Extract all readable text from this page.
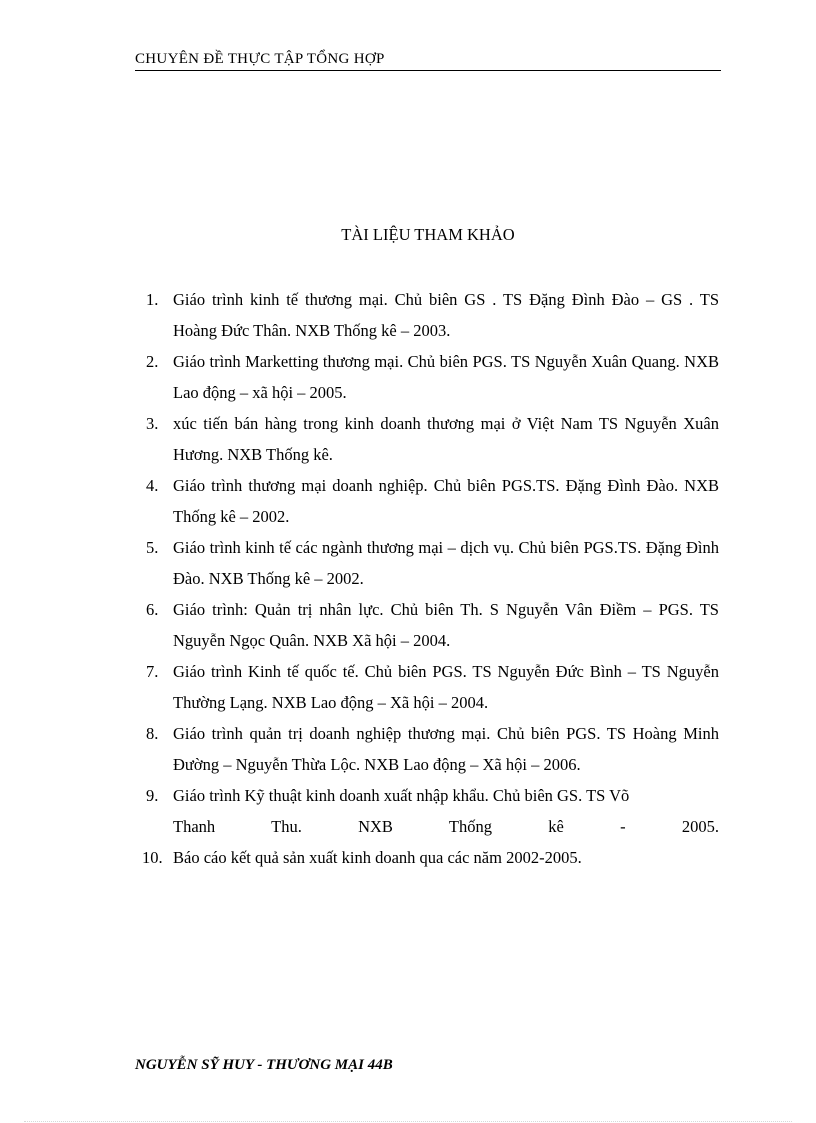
CHUYÊN ĐỀ THỰC TẬP TỔNG HỢP
TÀI LIỆU THAM KHẢO
1. Giáo trình kinh tế thương mại. Chủ biên GS . TS Đặng Đình Đào – GS . TS Hoàng Đức Thân. NXB Thống kê – 2003.
2. Giáo trình Marketting thương mại. Chủ biên PGS. TS Nguyễn Xuân Quang. NXB Lao động – xã hội – 2005.
3. xúc tiến bán hàng trong kinh doanh thương mại ở Việt Nam TS Nguyễn Xuân Hương. NXB Thống kê.
4. Giáo trình thương mại doanh nghiệp. Chủ biên PGS.TS. Đặng Đình Đào. NXB Thống kê – 2002.
5. Giáo trình kinh tế các ngành thương mại – dịch vụ. Chủ biên PGS.TS. Đặng Đình Đào. NXB Thống kê – 2002.
6. Giáo trình: Quản trị nhân lực. Chủ biên Th. S Nguyễn Vân Điềm – PGS. TS Nguyễn Ngọc Quân. NXB Xã hội – 2004.
7. Giáo trình Kinh tế quốc tế. Chủ biên PGS. TS Nguyễn Đức Bình – TS Nguyễn Thường Lạng. NXB Lao động – Xã hội – 2004.
8. Giáo trình quản trị doanh nghiệp thương mại. Chủ biên PGS. TS Hoàng Minh Đường – Nguyễn Thừa Lộc. NXB Lao động – Xã hội – 2006.
9. Giáo trình Kỹ thuật kinh doanh xuất nhập khẩu. Chủ biên GS. TS Võ
Thanh Thu. NXB Thống kê - 2005.
10. Báo cáo kết quả sản xuất kinh doanh qua các năm 2002-2005.
NGUYỄN SỸ HUY - THƯƠNG MẠI 44B
